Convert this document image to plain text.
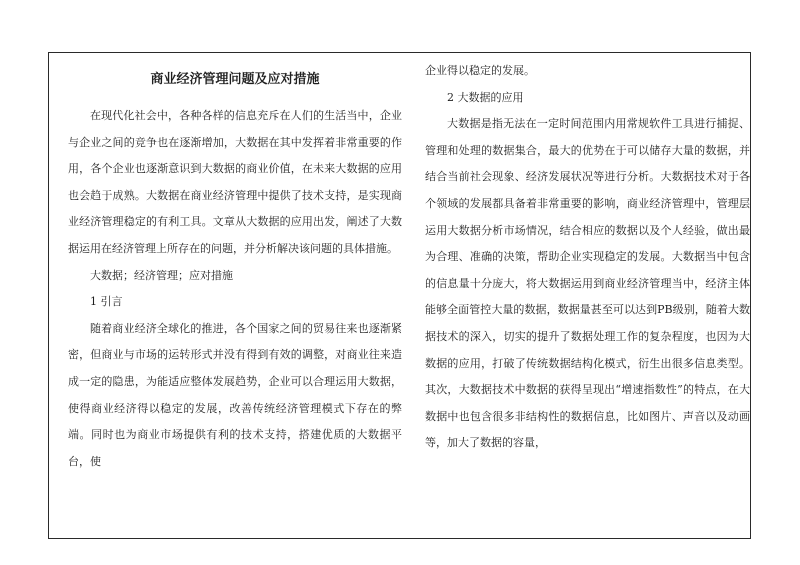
商业经济管理问题及应对措施

在现代化社会中，各种各样的信息充斥在人们的生活当中，企业与企业之间的竞争也在逐渐增加，大数据在其中发挥着非常重要的作用，各个企业也逐渐意识到大数据的商业价值，在未来大数据的应用也会趋于成熟。大数据在商业经济管理中提供了技术支持，是实现商业经济管理稳定的有利工具。文章从大数据的应用出发，阐述了大数据运用在经济管理上所存在的问题，并分析解决该问题的具体措施。

大数据；经济管理；应对措施

1 引言

随着商业经济全球化的推进，各个国家之间的贸易往来也逐渐紧密，但商业与市场的运转形式并没有得到有效的调整，对商业往来造成一定的隐患，为能适应整体发展趋势，企业可以合理运用大数据，使得商业经济得以稳定的发展，改善传统经济管理模式下存在的弊端。同时也为商业市场提供有利的技术支持，搭建优质的大数据平台，使

企业得以稳定的发展。

2 大数据的应用

大数据是指无法在一定时间范围内用常规软件工具进行捕捉、管理和处理的数据集合，最大的优势在于可以储存大量的数据，并结合当前社会现象、经济发展状况等进行分析。大数据技术对于各个领域的发展都具备着非常重要的影响，商业经济管理中，管理层运用大数据分析市场情况，结合相应的数据以及个人经验，做出最为合理、准确的决策，帮助企业实现稳定的发展。大数据当中包含的信息量十分庞大，将大数据运用到商业经济管理当中，经济主体能够全面管控大量的数据，数据量甚至可以达到PB级别，随着大数据技术的深入，切实的提升了数据处理工作的复杂程度，也因为大数据的应用，打破了传统数据结构化模式，衍生出很多信息类型。其次，大数据技术中数据的获得呈现出“增速指数性”的特点，在大数据中也包含很多非结构性的数据信息，比如图片、声音以及动画等，加大了数据的容量，
